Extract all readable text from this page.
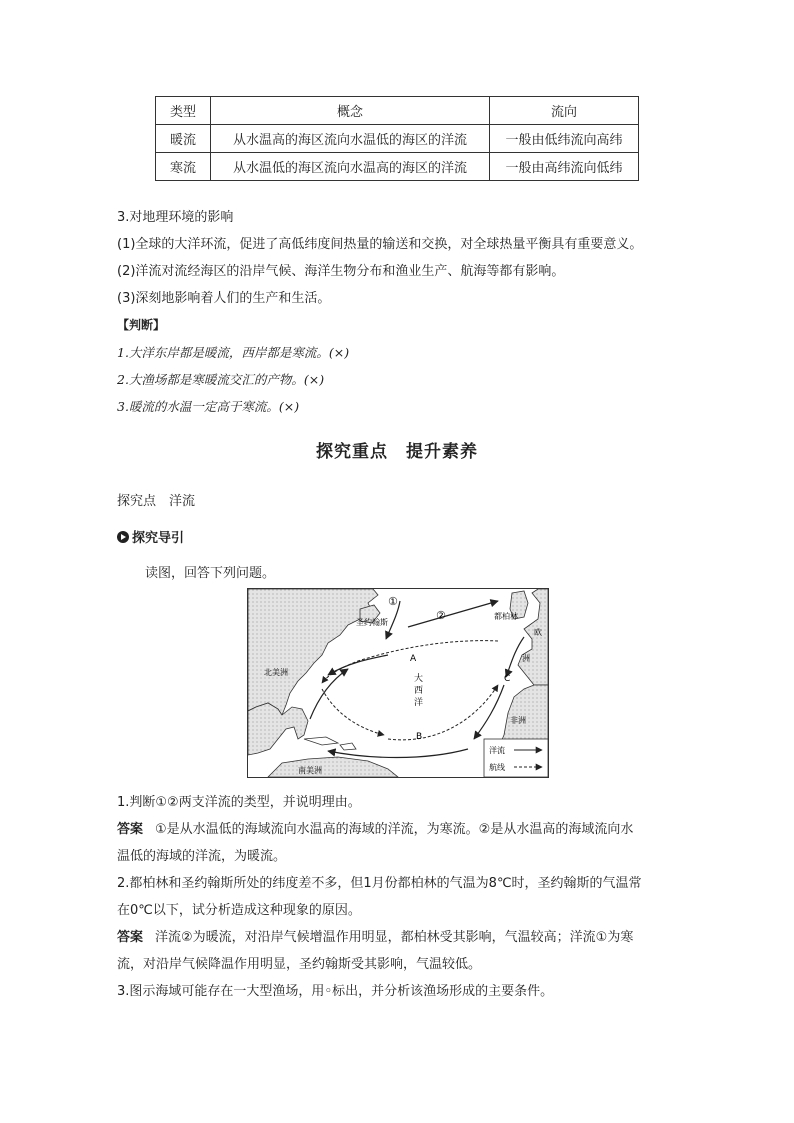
类型	概念	流向
暖流	从水温高的海区流向水温低的海区的洋流	一般由低纬流向高纬
寒流	从水温低的海区流向水温高的海区的洋流	一般由高纬流向低纬
3.对地理环境的影响
(1)全球的大洋环流，促进了高低纬度间热量的输送和交换，对全球热量平衡具有重要意义。
(2)洋流对流经海区的沿岸气候、海洋生物分布和渔业生产、航海等都有影响。
(3)深刻地影响着人们的生产和生活。
【判断】
1.大洋东岸都是暖流，西岸都是寒流。(×)
2.大渔场都是寒暖流交汇的产物。(×)
3.暖流的水温一定高于寒流。(×)
探究重点　提升素养
探究点　洋流
探究导引
读图，回答下列问题。
①
②
圣约翰斯
都柏林
欧
洲
北美洲
大
西
洋
A
B
C
非洲
南美洲
洋流
航线
1.判断①②两支洋流的类型，并说明理由。
答案 ①是从水温低的海域流向水温高的海域的洋流，为寒流。②是从水温高的海域流向水
温低的海域的洋流，为暖流。
2.都柏林和圣约翰斯所处的纬度差不多，但1月份都柏林的气温为8℃时，圣约翰斯的气温常
在0℃以下，试分析造成这种现象的原因。
答案 洋流②为暖流，对沿岸气候增温作用明显，都柏林受其影响，气温较高；洋流①为寒
流，对沿岸气候降温作用明显，圣约翰斯受其影响，气温较低。
3.图示海域可能存在一大型渔场，用◦标出，并分析该渔场形成的主要条件。
